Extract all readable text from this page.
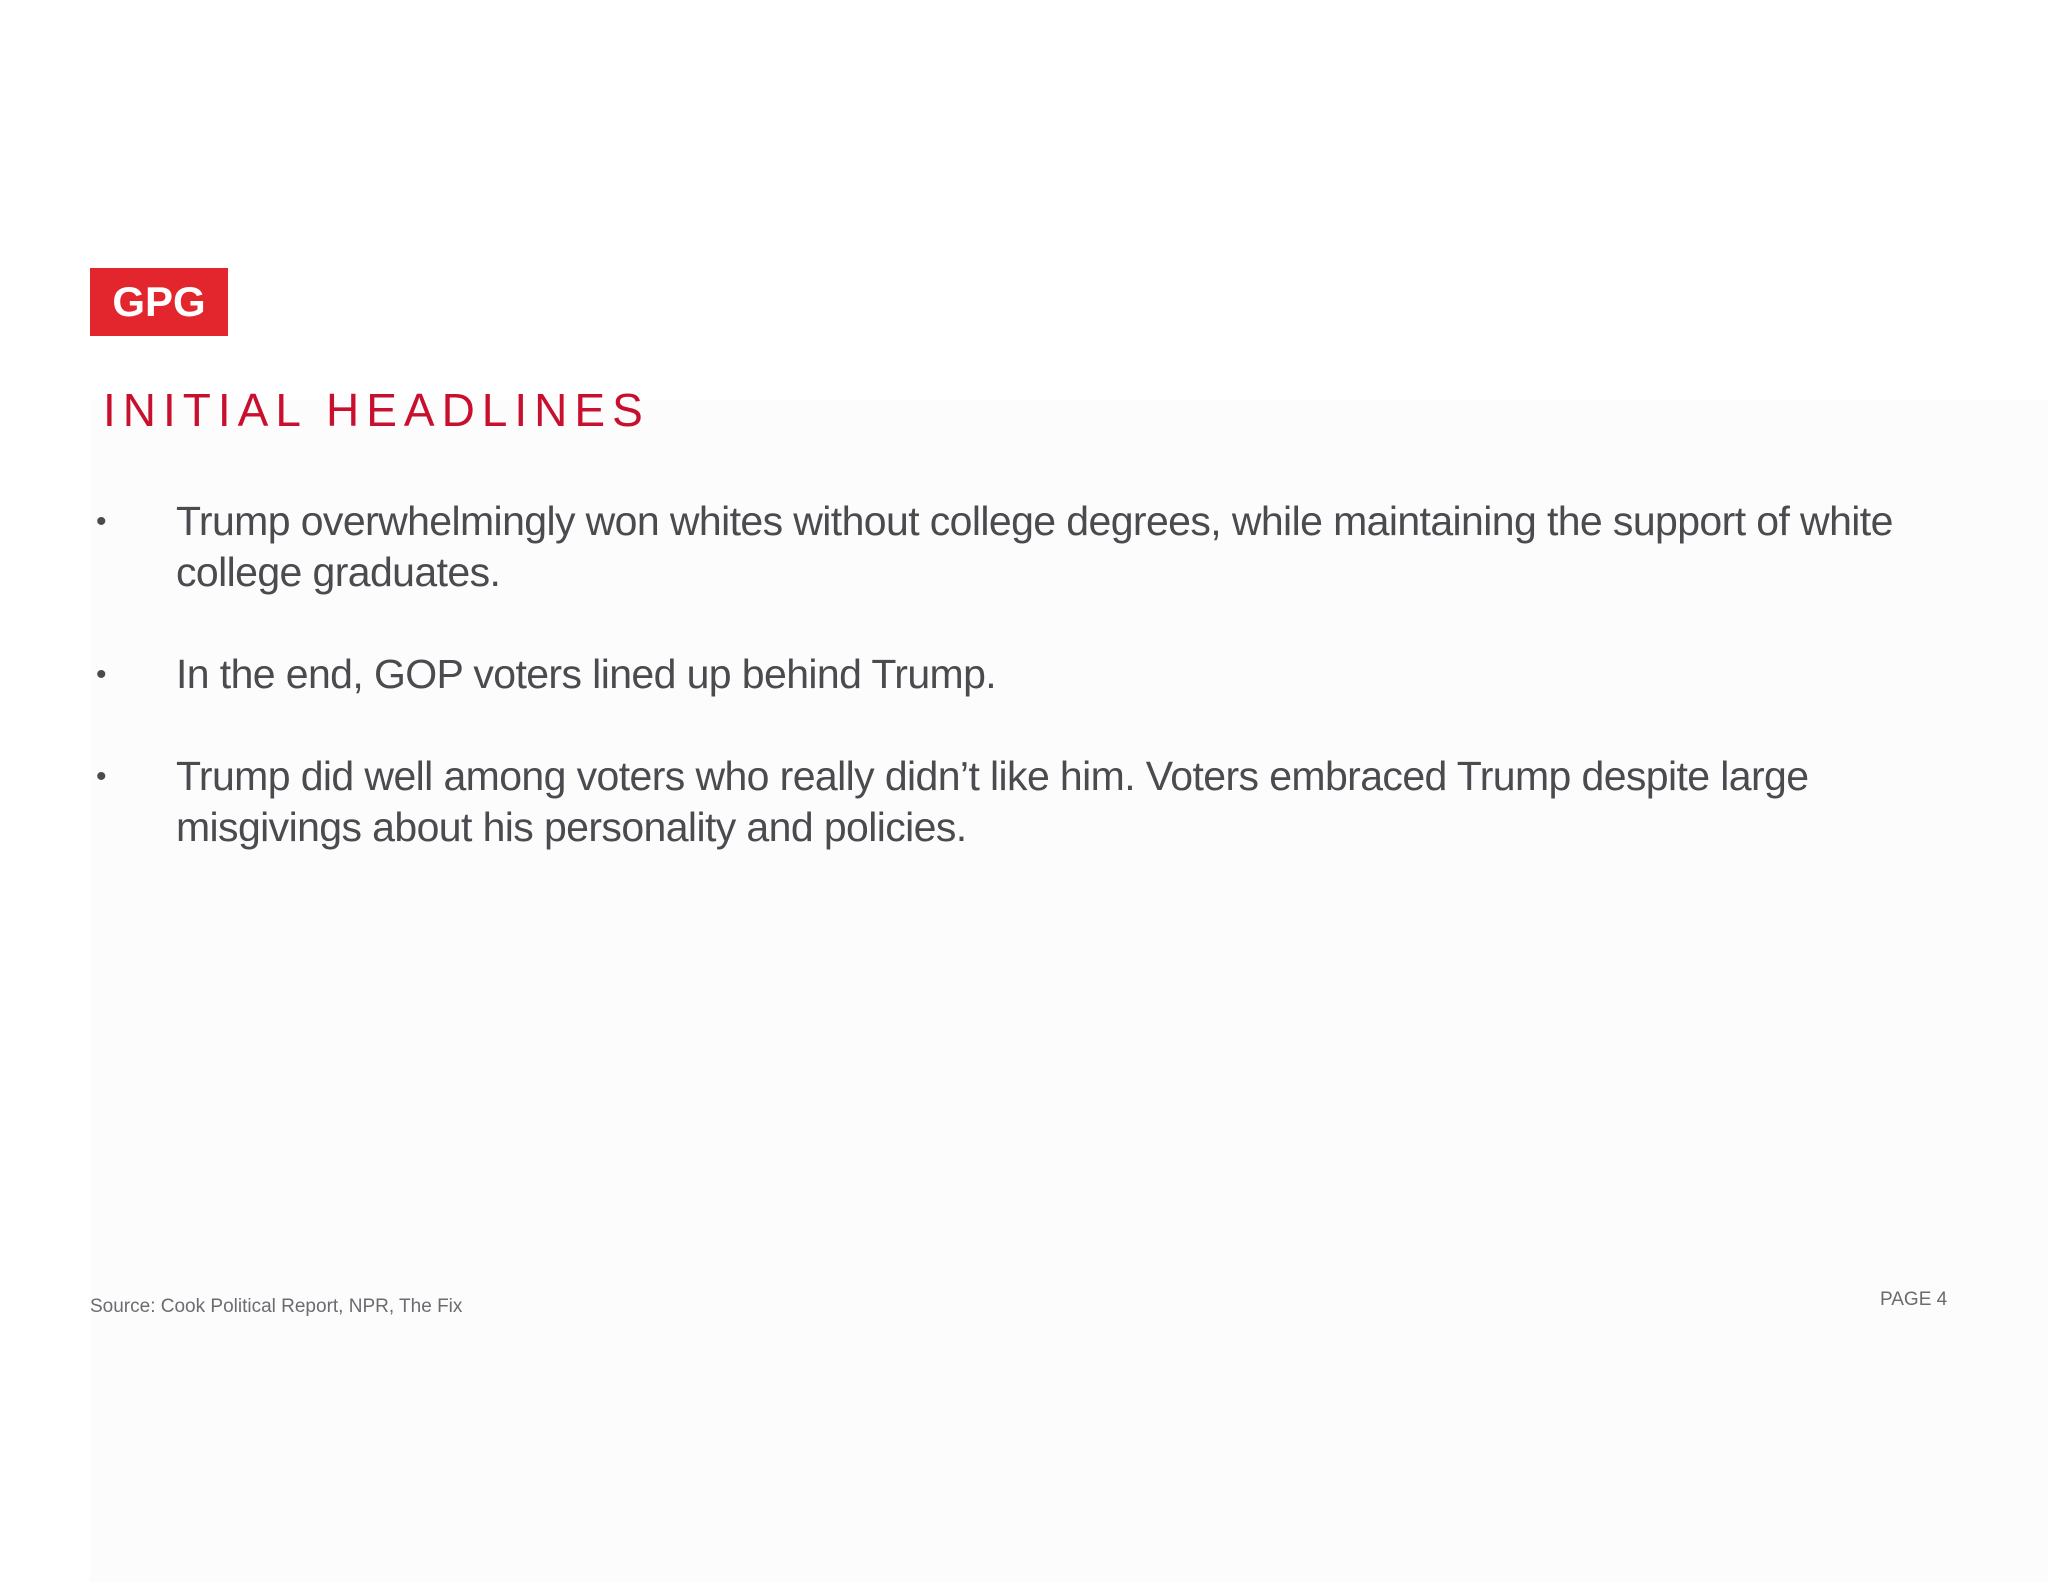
GPG
INITIAL HEADLINES
• Trump overwhelmingly won whites without college degrees, while maintaining the support of white college graduates.
• In the end, GOP voters lined up behind Trump.
• Trump did well among voters who really didn’t like him. Voters embraced Trump despite large misgivings about his personality and policies.
Source: Cook Political Report, NPR, The Fix	PAGE 4
